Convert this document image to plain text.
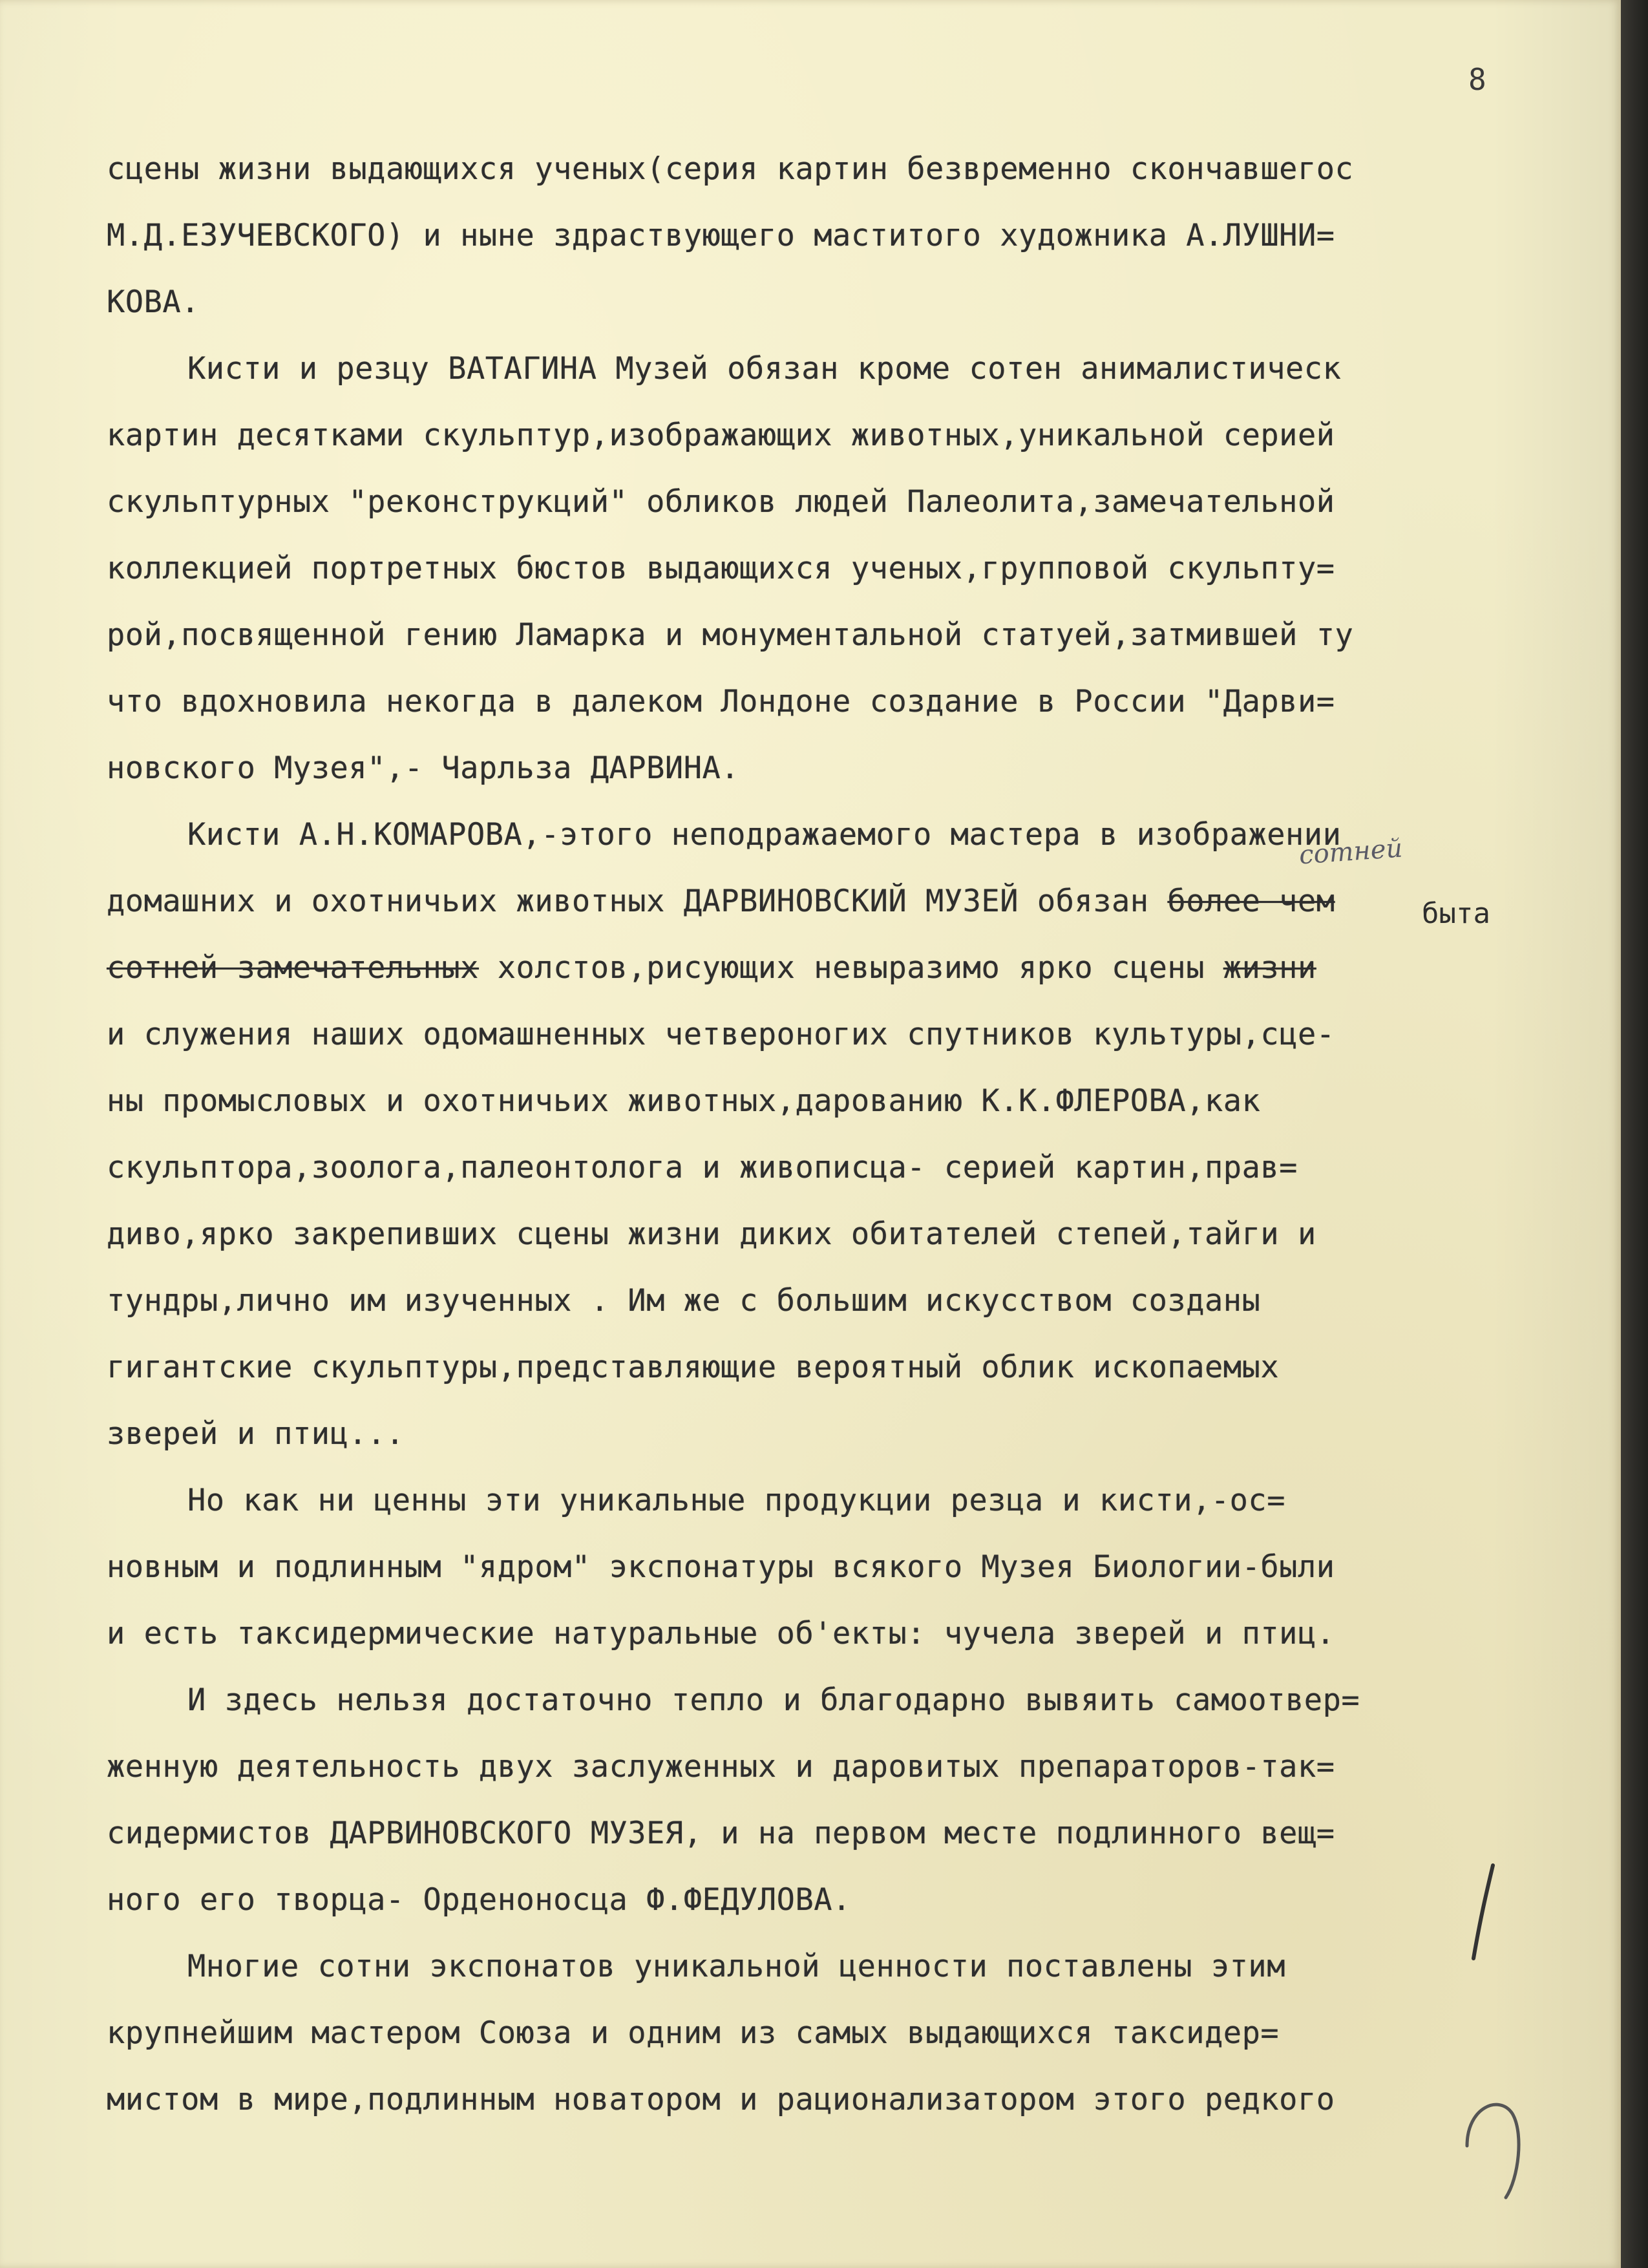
8

сотней

быта

сцены жизни выдающихся ученых(серия картин безвременно скончавшегос
М.Д.ЕЗУЧЕВСКОГО) и ныне здраствующего маститого художника А.ЛУШНИ=
КОВА.
Кисти и резцу ВАТАГИНА Музей обязан кроме сотен анималистическ
картин десятками скульптур,изображающих животных,уникальной серией
скульптурных "реконструкций" обликов людей Палеолита,замечательной
коллекцией портретных бюстов выдающихся ученых,групповой скульпту=
рой,посвященной гению Ламарка и монументальной статуей,затмившей ту
что вдохновила некогда в далеком Лондоне создание в России "Дарви=
новского Музея",- Чарльза ДАРВИНА.
Кисти А.Н.КОМАРОВА,-этого неподражаемого мастера в изображении
домашних и охотничьих животных ДАРВИНОВСКИЙ МУЗЕЙ обязан более чем
сотней замечательных холстов,рисующих невыразимо ярко сцены жизни
и служения наших одомашненных четвероногих спутников культуры,сце-
ны промысловых и охотничьих животных,дарованию К.К.ФЛЕРОВА,как
скульптора,зоолога,палеонтолога и живописца- серией картин,прав=
диво,ярко закрепивших сцены жизни диких обитателей степей,тайги и
тундры,лично им изученных . Им же с большим искусством созданы
гигантские скульптуры,представляющие вероятный облик ископаемых
зверей и птиц...
Но как ни ценны эти уникальные продукции резца и кисти,-ос=
новным и подлинным "ядром" экспонатуры всякого Музея Биологии-были
и есть таксидермические натуральные об'екты: чучела зверей и птиц.
И здесь нельзя достаточно тепло и благодарно вывяить самоотвер=
женную деятельность двух заслуженных и даровитых препараторов-так=
сидермистов ДАРВИНОВСКОГО МУЗЕЯ, и на первом месте подлинного вещ=
ного его творца- Орденоносца Ф.ФЕДУЛОВА.
Многие сотни экспонатов уникальной ценности поставлены этим
крупнейшим мастером Союза и одним из самых выдающихся таксидер=
мистом в мире,подлинным новатором и рационализатором этого редкого
